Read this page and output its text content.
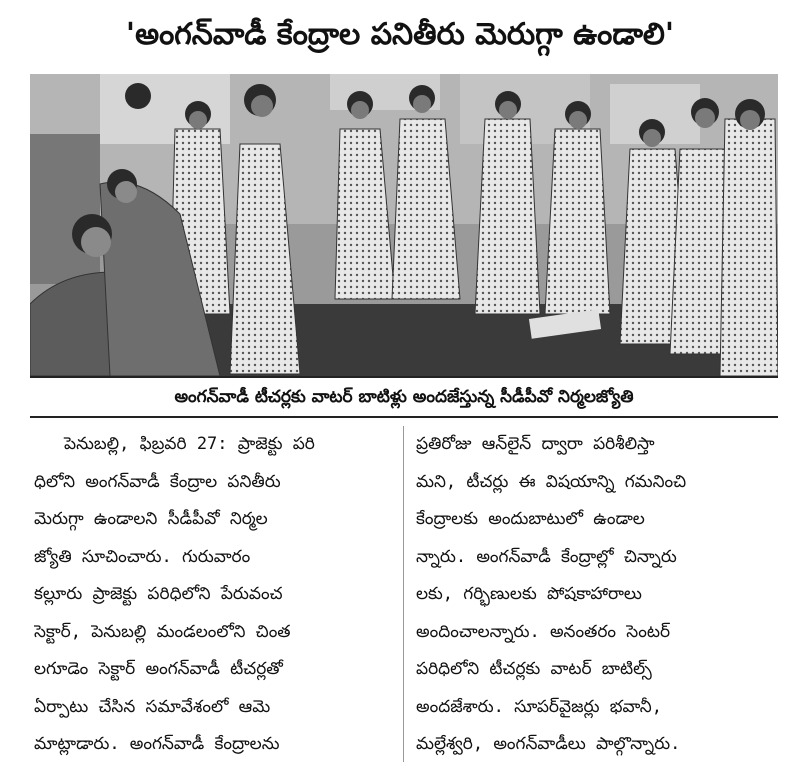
'అంగన్‌వాడీ కేంద్రాల పనితీరు మెరుగ్గా ఉండాలి'
అంగన్‌వాడీ టీచర్లకు వాటర్ బాటిళ్లు అందజేస్తున్న సీడీపీవో నిర్మలజ్యోతి
పెనుబల్లి, ఫిబ్రవరి 27: ప్రాజెక్టు పరి
ధిలోని అంగన్‌వాడీ కేంద్రాల పనితీరు
మెరుగ్గా ఉండాలని సీడీపీవో నిర్మల
జ్యోతి సూచించారు. గురువారం
కల్లూరు ప్రాజెక్టు పరిధిలోని పేరువంచ
సెక్టార్, పెనుబల్లి మండలంలోని చింత
లగూడెం సెక్టార్ అంగన్‌వాడీ టీచర్లతో
ఏర్పాటు చేసిన సమావేశంలో ఆమె
మాట్లాడారు. అంగన్‌వాడీ కేంద్రాలను
ప్రతిరోజు ఆన్‌లైన్ ద్వారా పరిశీలిస్తా
మని, టీచర్లు ఈ విషయాన్ని గమనించి
కేంద్రాలకు అందుబాటులో ఉండాల
న్నారు. అంగన్‌వాడీ కేంద్రాల్లో చిన్నారు
లకు, గర్భిణులకు పోషకాహారాలు
అందించాలన్నారు. అనంతరం సెంటర్
పరిధిలోని టీచర్లకు వాటర్ బాటిల్స్
అందజేశారు. సూపర్‌వైజర్లు భవానీ,
మల్లేశ్వరి, అంగన్‌వాడీలు పాల్గొన్నారు.
